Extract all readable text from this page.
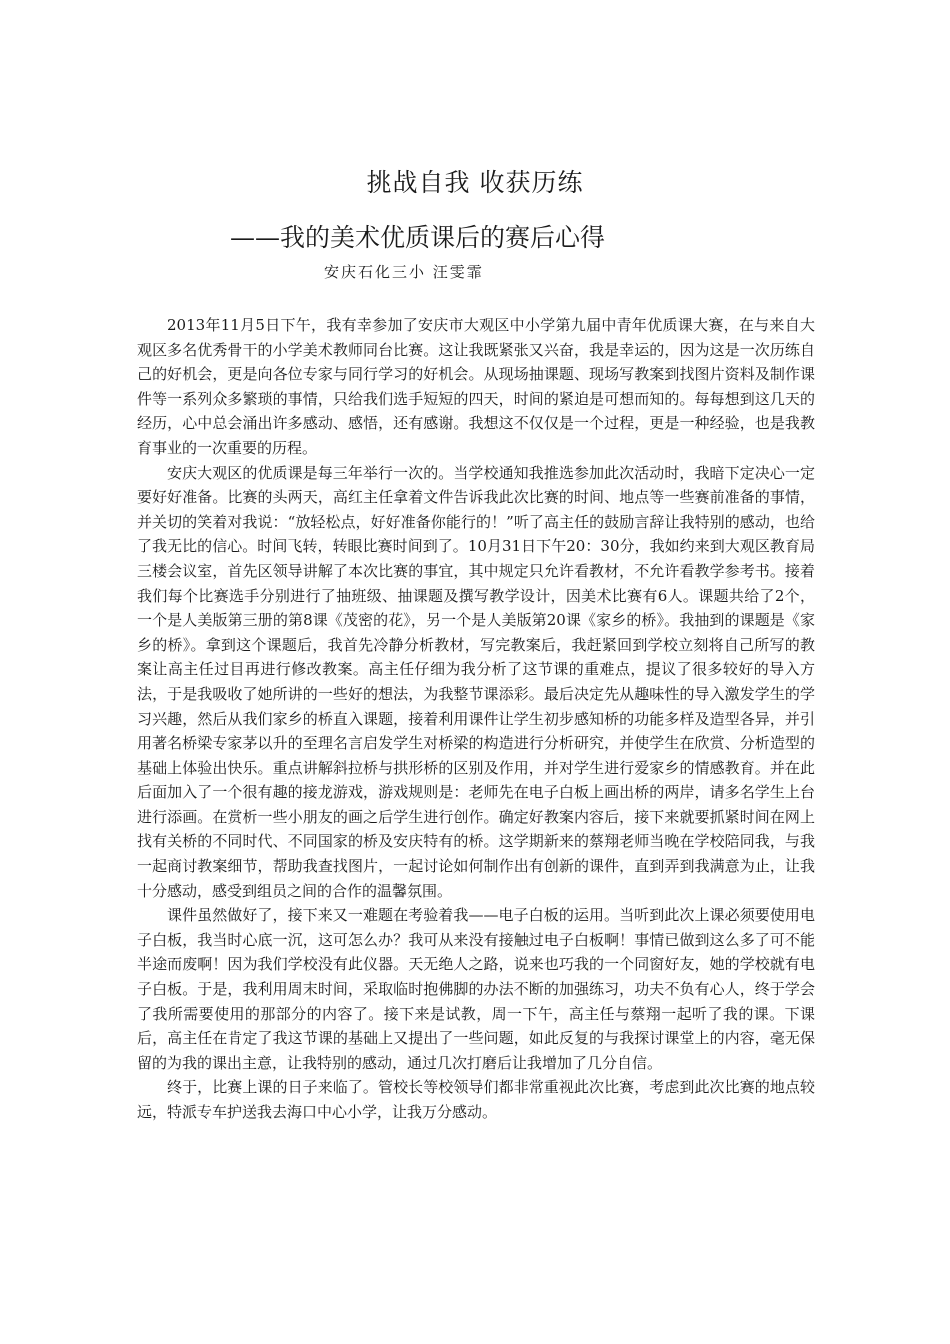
挑战自我 收获历练
——我的美术优质课后的赛后心得
安庆石化三小 汪雯霏

2013年11月5日下午，我有幸参加了安庆市大观区中小学第九届中青年优质课大赛，在与来自大观区多名优秀骨干的小学美术教师同台比赛。这让我既紧张又兴奋，我是幸运的，因为这是一次历练自己的好机会，更是向各位专家与同行学习的好机会。从现场抽课题、现场写教案到找图片资料及制作课件等一系列众多繁琐的事情，只给我们选手短短的四天，时间的紧迫是可想而知的。每每想到这几天的经历，心中总会涌出许多感动、感悟，还有感谢。我想这不仅仅是一个过程，更是一种经验，也是我教育事业的一次重要的历程。

安庆大观区的优质课是每三年举行一次的。当学校通知我推选参加此次活动时，我暗下定决心一定要好好准备。比赛的头两天，高红主任拿着文件告诉我此次比赛的时间、地点等一些赛前准备的事情，并关切的笑着对我说：“放轻松点，好好准备你能行的！”听了高主任的鼓励言辞让我特别的感动，也给了我无比的信心。时间飞转，转眼比赛时间到了。10月31日下午20：30分，我如约来到大观区教育局三楼会议室，首先区领导讲解了本次比赛的事宜，其中规定只允许看教材，不允许看教学参考书。接着我们每个比赛选手分别进行了抽班级、抽课题及撰写教学设计，因美术比赛有6人。课题共给了2个，一个是人美版第三册的第8课《茂密的花》，另一个是人美版第20课《家乡的桥》。我抽到的课题是《家乡的桥》。拿到这个课题后，我首先冷静分析教材，写完教案后，我赶紧回到学校立刻将自己所写的教案让高主任过目再进行修改教案。高主任仔细为我分析了这节课的重难点，提议了很多较好的导入方法，于是我吸收了她所讲的一些好的想法，为我整节课添彩。最后决定先从趣味性的导入激发学生的学习兴趣，然后从我们家乡的桥直入课题，接着利用课件让学生初步感知桥的功能多样及造型各异，并引用著名桥梁专家茅以升的至理名言启发学生对桥梁的构造进行分析研究，并使学生在欣赏、分析造型的基础上体验出快乐。重点讲解斜拉桥与拱形桥的区别及作用，并对学生进行爱家乡的情感教育。并在此后面加入了一个很有趣的接龙游戏，游戏规则是：老师先在电子白板上画出桥的两岸，请多名学生上台进行添画。在赏析一些小朋友的画之后学生进行创作。确定好教案内容后，接下来就要抓紧时间在网上找有关桥的不同时代、不同国家的桥及安庆特有的桥。这学期新来的蔡翔老师当晚在学校陪同我，与我一起商讨教案细节，帮助我查找图片，一起讨论如何制作出有创新的课件，直到弄到我满意为止，让我十分感动，感受到组员之间的合作的温馨氛围。

课件虽然做好了，接下来又一难题在考验着我——电子白板的运用。当听到此次上课必须要使用电子白板，我当时心底一沉，这可怎么办？我可从来没有接触过电子白板啊！事情已做到这么多了可不能半途而废啊！因为我们学校没有此仪器。天无绝人之路，说来也巧我的一个同窗好友，她的学校就有电子白板。于是，我利用周末时间，采取临时抱佛脚的办法不断的加强练习，功夫不负有心人，终于学会了我所需要使用的那部分的内容了。接下来是试教，周一下午，高主任与蔡翔一起听了我的课。下课后，高主任在肯定了我这节课的基础上又提出了一些问题，如此反复的与我探讨课堂上的内容，毫无保留的为我的课出主意，让我特别的感动，通过几次打磨后让我增加了几分自信。

终于，比赛上课的日子来临了。管校长等校领导们都非常重视此次比赛，考虑到此次比赛的地点较远，特派专车护送我去海口中心小学，让我万分感动。
